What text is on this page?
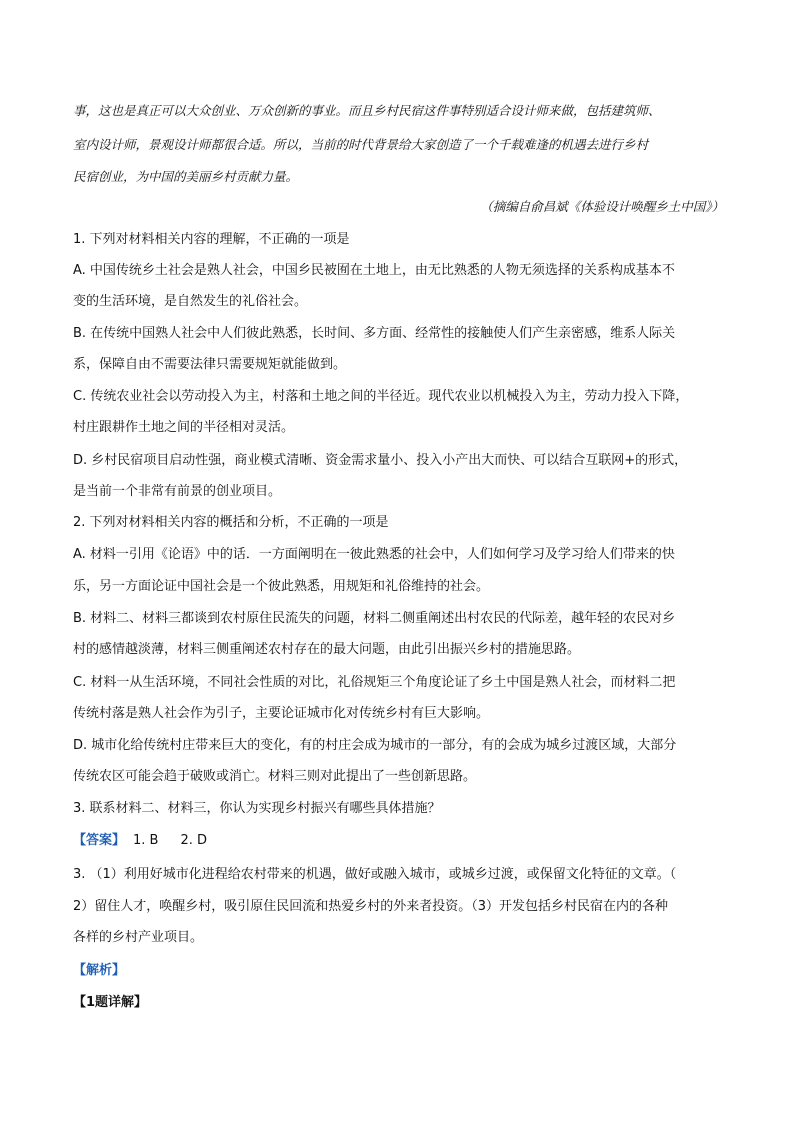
事，这也是真正可以大众创业、万众创新的事业。而且乡村民宿这件事特别适合设计师来做，包括建筑师、
室内设计师，景观设计师都很合适。所以，当前的时代背景给大家创造了一个千载难逢的机遇去进行乡村
民宿创业，为中国的美丽乡村贡献力量。
（摘编自俞昌斌《体验设计唤醒乡土中国》）
1. 下列对材料相关内容的理解，不正确的一项是
A. 中国传统乡土社会是熟人社会，中国乡民被囿在土地上，由无比熟悉的人物无须选择的关系构成基本不
变的生活环境，是自然发生的礼俗社会。
B. 在传统中国熟人社会中人们彼此熟悉，长时间、多方面、经常性的接触使人们产生亲密感，维系人际关
系，保障自由不需要法律只需要规矩就能做到。
C. 传统农业社会以劳动投入为主，村落和土地之间的半径近。现代农业以机械投入为主，劳动力投入下降，
村庄跟耕作土地之间的半径相对灵活。
D. 乡村民宿项目启动性强，商业模式清晰、资金需求量小、投入小产出大而快、可以结合互联网+的形式，
是当前一个非常有前景的创业项目。
2. 下列对材料相关内容的概括和分析，不正确的一项是
A. 材料一引用《论语》中的话．一方面阐明在一彼此熟悉的社会中，人们如何学习及学习给人们带来的快
乐，另一方面论证中国社会是一个彼此熟悉，用规矩和礼俗维持的社会。
B. 材料二、材料三都谈到农村原住民流失的问题，材料二侧重阐述出村农民的代际差，越年轻的农民对乡
村的感情越淡薄，材料三侧重阐述农村存在的最大问题，由此引出振兴乡村的措施思路。
C. 材料一从生活环境，不同社会性质的对比，礼俗规矩三个角度论证了乡土中国是熟人社会，而材料二把
传统村落是熟人社会作为引子，主要论证城市化对传统乡村有巨大影响。
D. 城市化给传统村庄带来巨大的变化，有的村庄会成为城市的一部分，有的会成为城乡过渡区域，大部分
传统农区可能会趋于破败或消亡。材料三则对此提出了一些创新思路。
3. 联系材料二、材料三，你认为实现乡村振兴有哪些具体措施？
【答案】 1. B 2. D
3. （1）利用好城市化进程给农村带来的机遇，做好或融入城市，或城乡过渡，或保留文化特征的文章。（
2）留住人才，唤醒乡村，吸引原住民回流和热爱乡村的外来者投资。（3）开发包括乡村民宿在内的各种
各样的乡村产业项目。
【解析】
【1题详解】
